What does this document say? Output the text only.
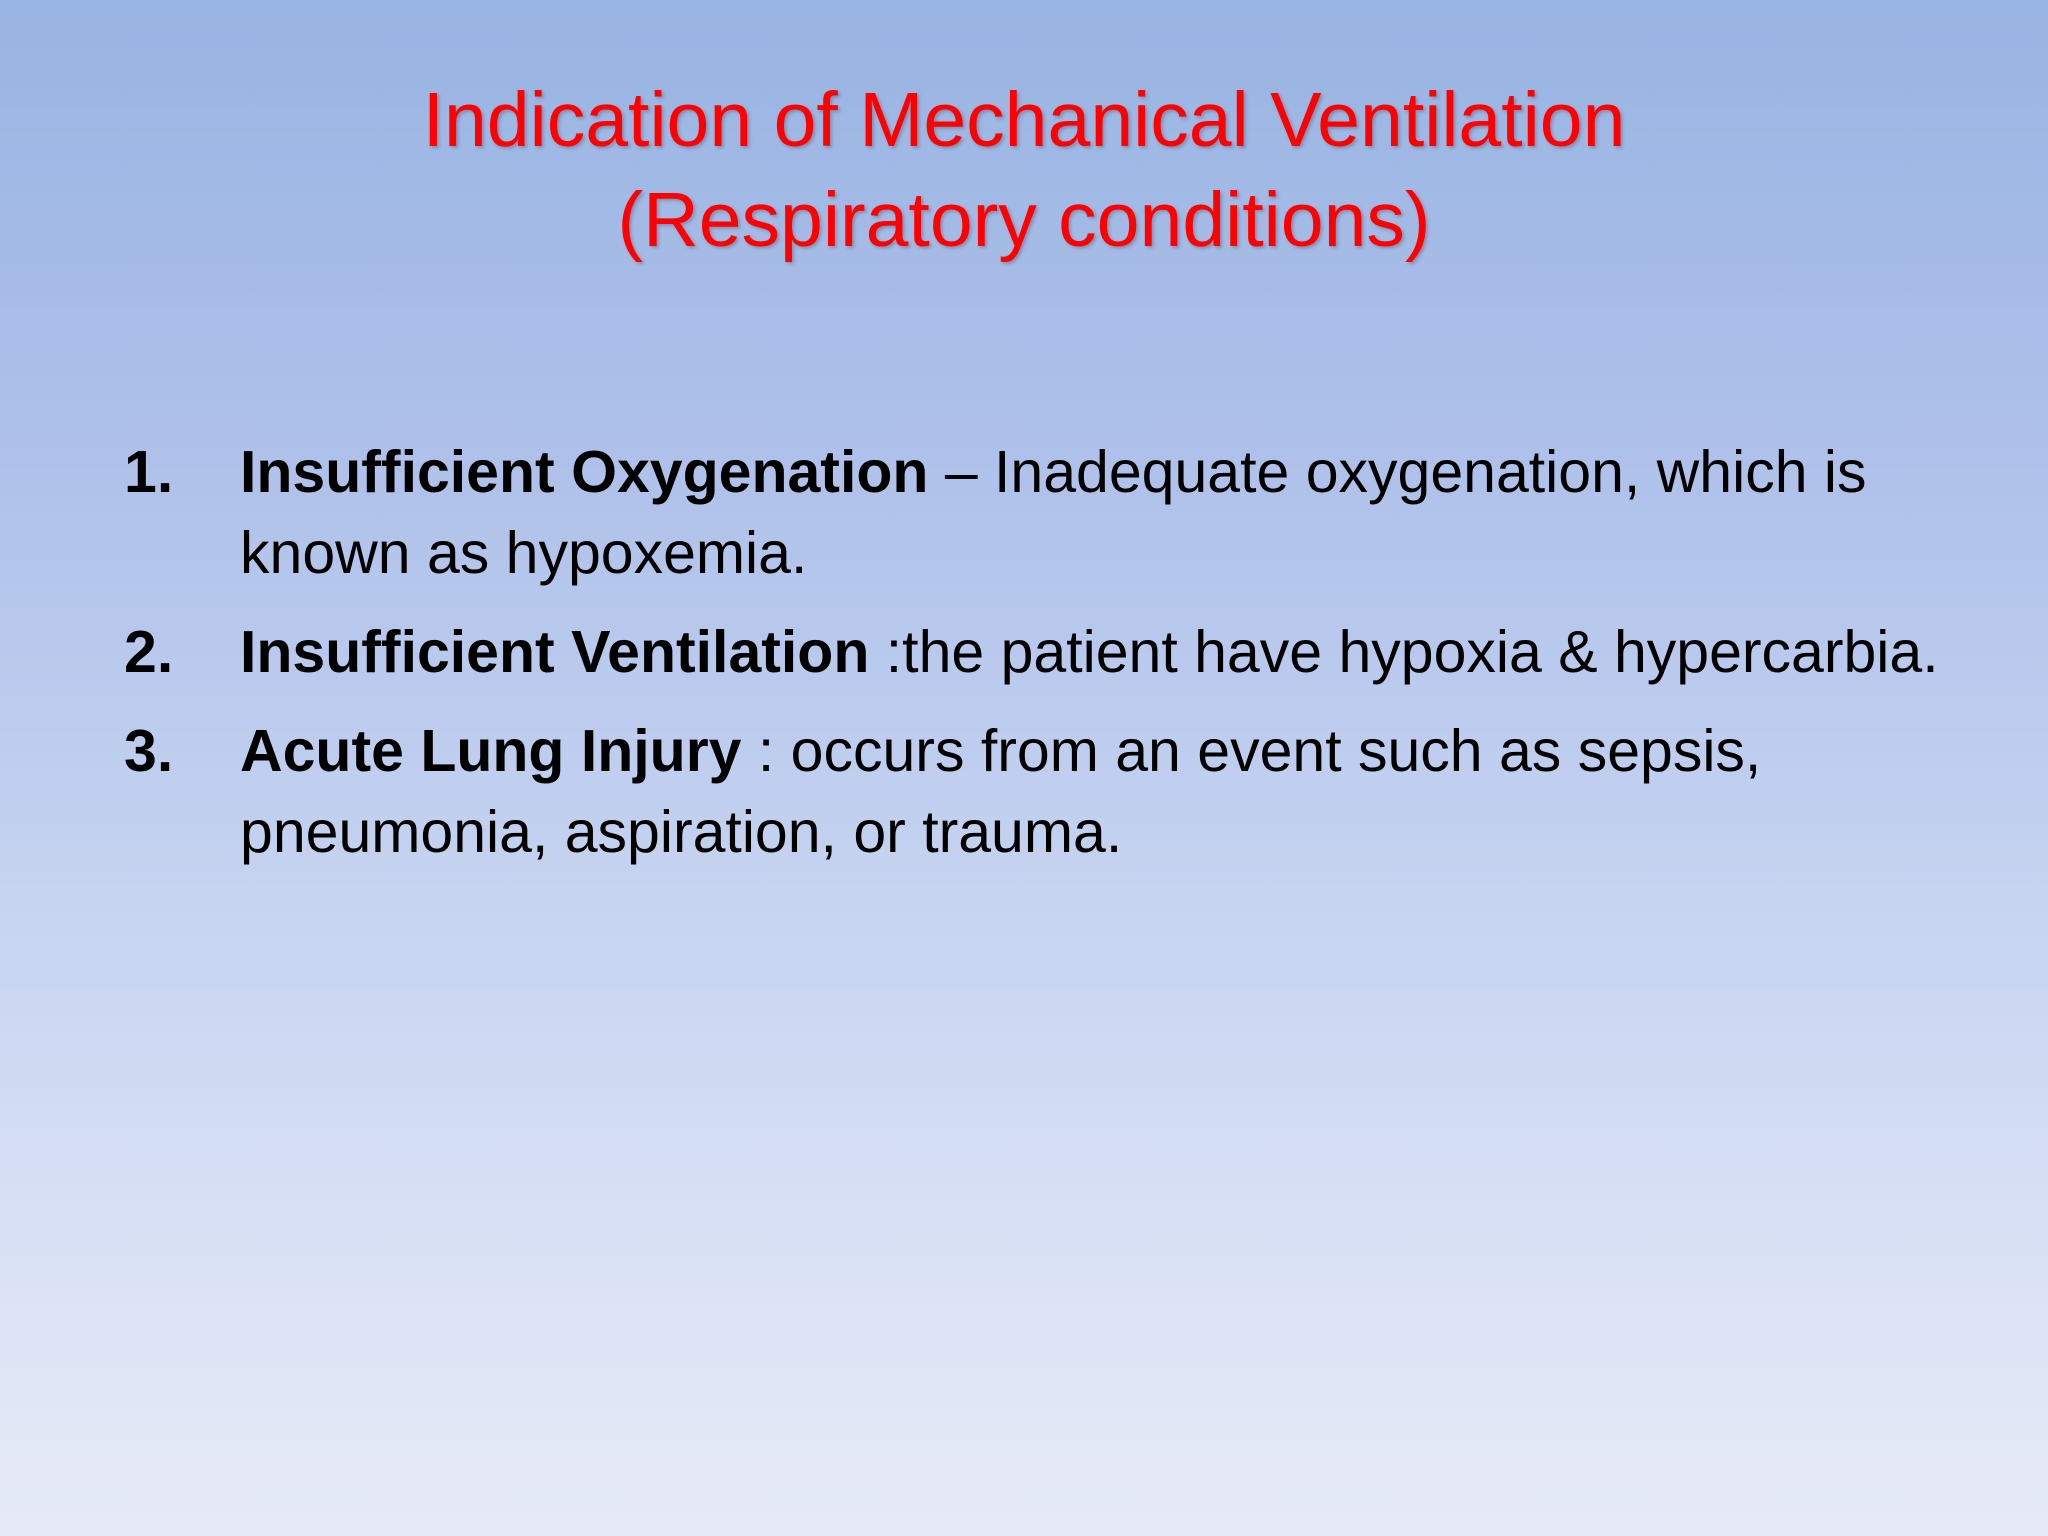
Indication of Mechanical Ventilation
(Respiratory conditions)
1. Insufficient Oxygenation – Inadequate oxygenation, which is known as hypoxemia.
2. Insufficient Ventilation :the patient have hypoxia & hypercarbia.
3. Acute Lung Injury : occurs from an event such as sepsis, pneumonia, aspiration, or trauma.
